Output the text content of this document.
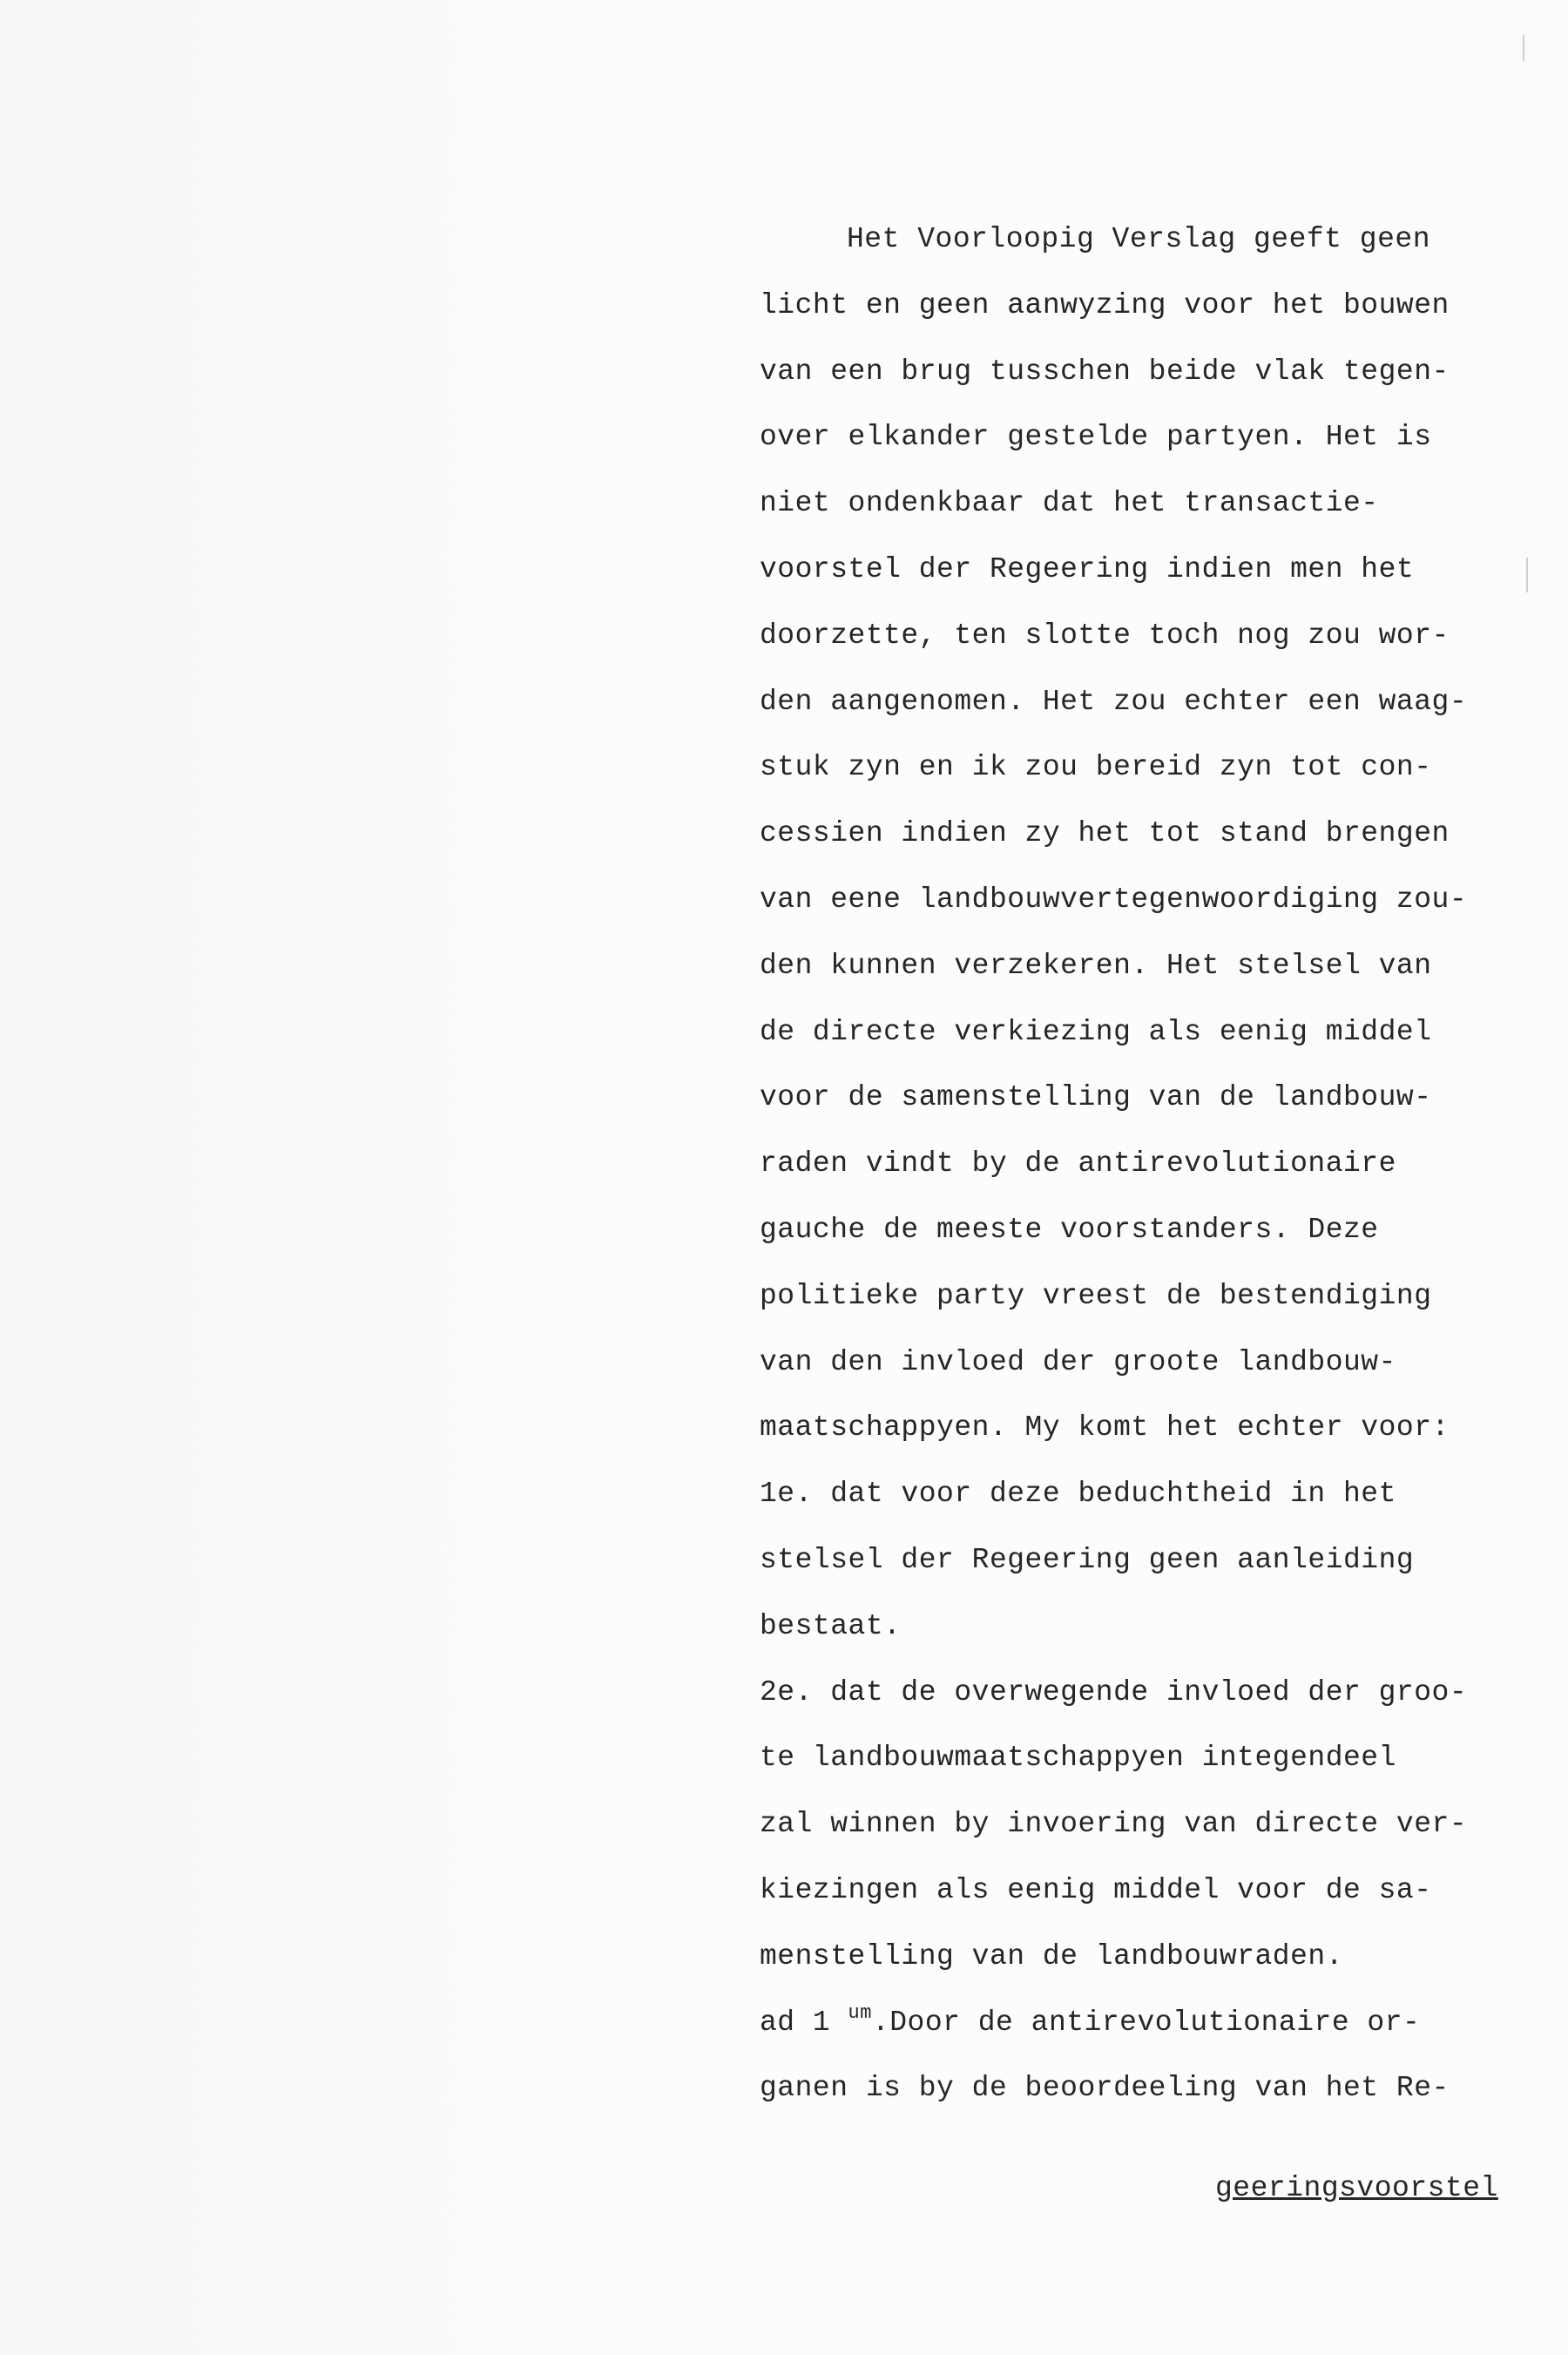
Het Voorloopig Verslag geeft geen
licht en geen aanwyzing voor het bouwen
van een brug tusschen beide vlak tegen-
over elkander gestelde partyen. Het is
niet ondenkbaar dat het transactie-
voorstel der Regeering indien men het
doorzette, ten slotte toch nog zou wor-
den aangenomen. Het zou echter een waag-
stuk zyn en ik zou bereid zyn tot con-
cessien indien zy het tot stand brengen
van eene landbouwvertegenwoordiging zou-
den kunnen verzekeren. Het stelsel van
de directe verkiezing als eenig middel
voor de samenstelling van de landbouw-
raden vindt by de antirevolutionaire
gauche de meeste voorstanders. Deze
politieke party vreest de bestendiging
van den invloed der groote landbouw-
maatschappyen. My komt het echter voor:
1e. dat voor deze beduchtheid in het
stelsel der Regeering geen aanleiding
bestaat.
2e. dat de overwegende invloed der groo-
te landbouwmaatschappyen integendeel
zal winnen by invoering van directe ver-
kiezingen als eenig middel voor de sa-
menstelling van de landbouwraden.
ad 1 $^{um}$.Door de antirevolutionaire or-
ganen is by de beoordeeling van het Re-
geeringsvoorstel
